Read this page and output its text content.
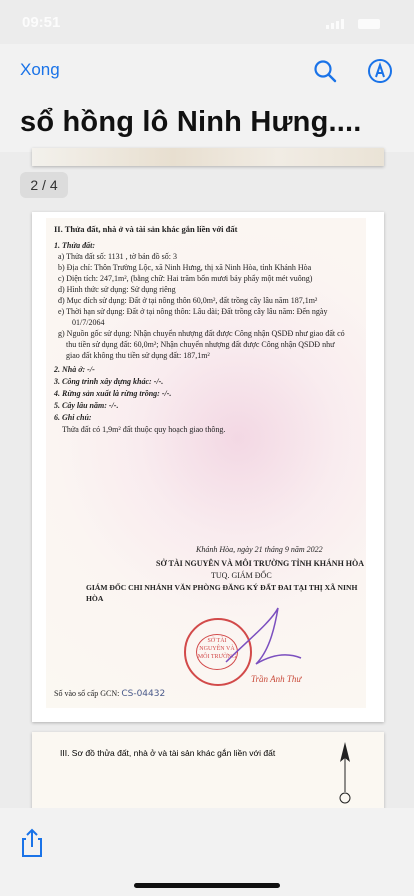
09:51

Xong
sổ hồng lô Ninh Hưng....
2 / 4
II. Thửa đất, nhà ở và tài sản khác gắn liền với đất
1. Thửa đất:
a) Thửa đất số: 1131 , tờ bản đồ số: 3
b) Địa chỉ: Thôn Trường Lộc, xã Ninh Hưng, thị xã Ninh Hòa, tỉnh Khánh Hòa
c) Diện tích: 247,1m², (bằng chữ: Hai trăm bốn mươi bảy phẩy một mét vuông)
d) Hình thức sử dụng: Sử dụng riêng
đ) Mục đích sử dụng: Đất ở tại nông thôn 60,0m², đất trồng cây lâu năm 187,1m²
e) Thời hạn sử dụng: Đất ở tại nông thôn: Lâu dài; Đất trồng cây lâu năm: Đến ngày
01/7/2064
g) Nguồn gốc sử dụng: Nhận chuyển nhượng đất được Công nhận QSDĐ như giao đất có
thu tiền sử dụng đất: 60,0m²; Nhận chuyển nhượng đất được Công nhận QSDĐ như
giao đất không thu tiền sử dụng đất: 187,1m²
2. Nhà ở: -/-
3. Công trình xây dựng khác: -/-.
4. Rừng sản xuất là rừng trồng: -/-.
5. Cây lâu năm: -/-.
6. Ghi chú:
Thửa đất có 1,9m² đất thuộc quy hoạch giao thông.
Khánh Hòa, ngày 21 tháng 9 năm 2022
SỞ TÀI NGUYÊN VÀ MÔI TRƯỜNG TỈNH KHÁNH HÒA
TUQ. GIÁM ĐỐC
GIÁM ĐỐC CHI NHÁNH VĂN PHÒNG ĐĂNG KÝ ĐẤT ĐAI TẠI THỊ XÃ NINH HÒA
SỞ TÀI NGUYÊN VÀ MÔI TRƯỜNG
Trần Anh Thư
Số vào sổ cấp GCN: CS-04432
III. Sơ đồ thửa đất, nhà ở và tài sản khác gắn liền với đất
